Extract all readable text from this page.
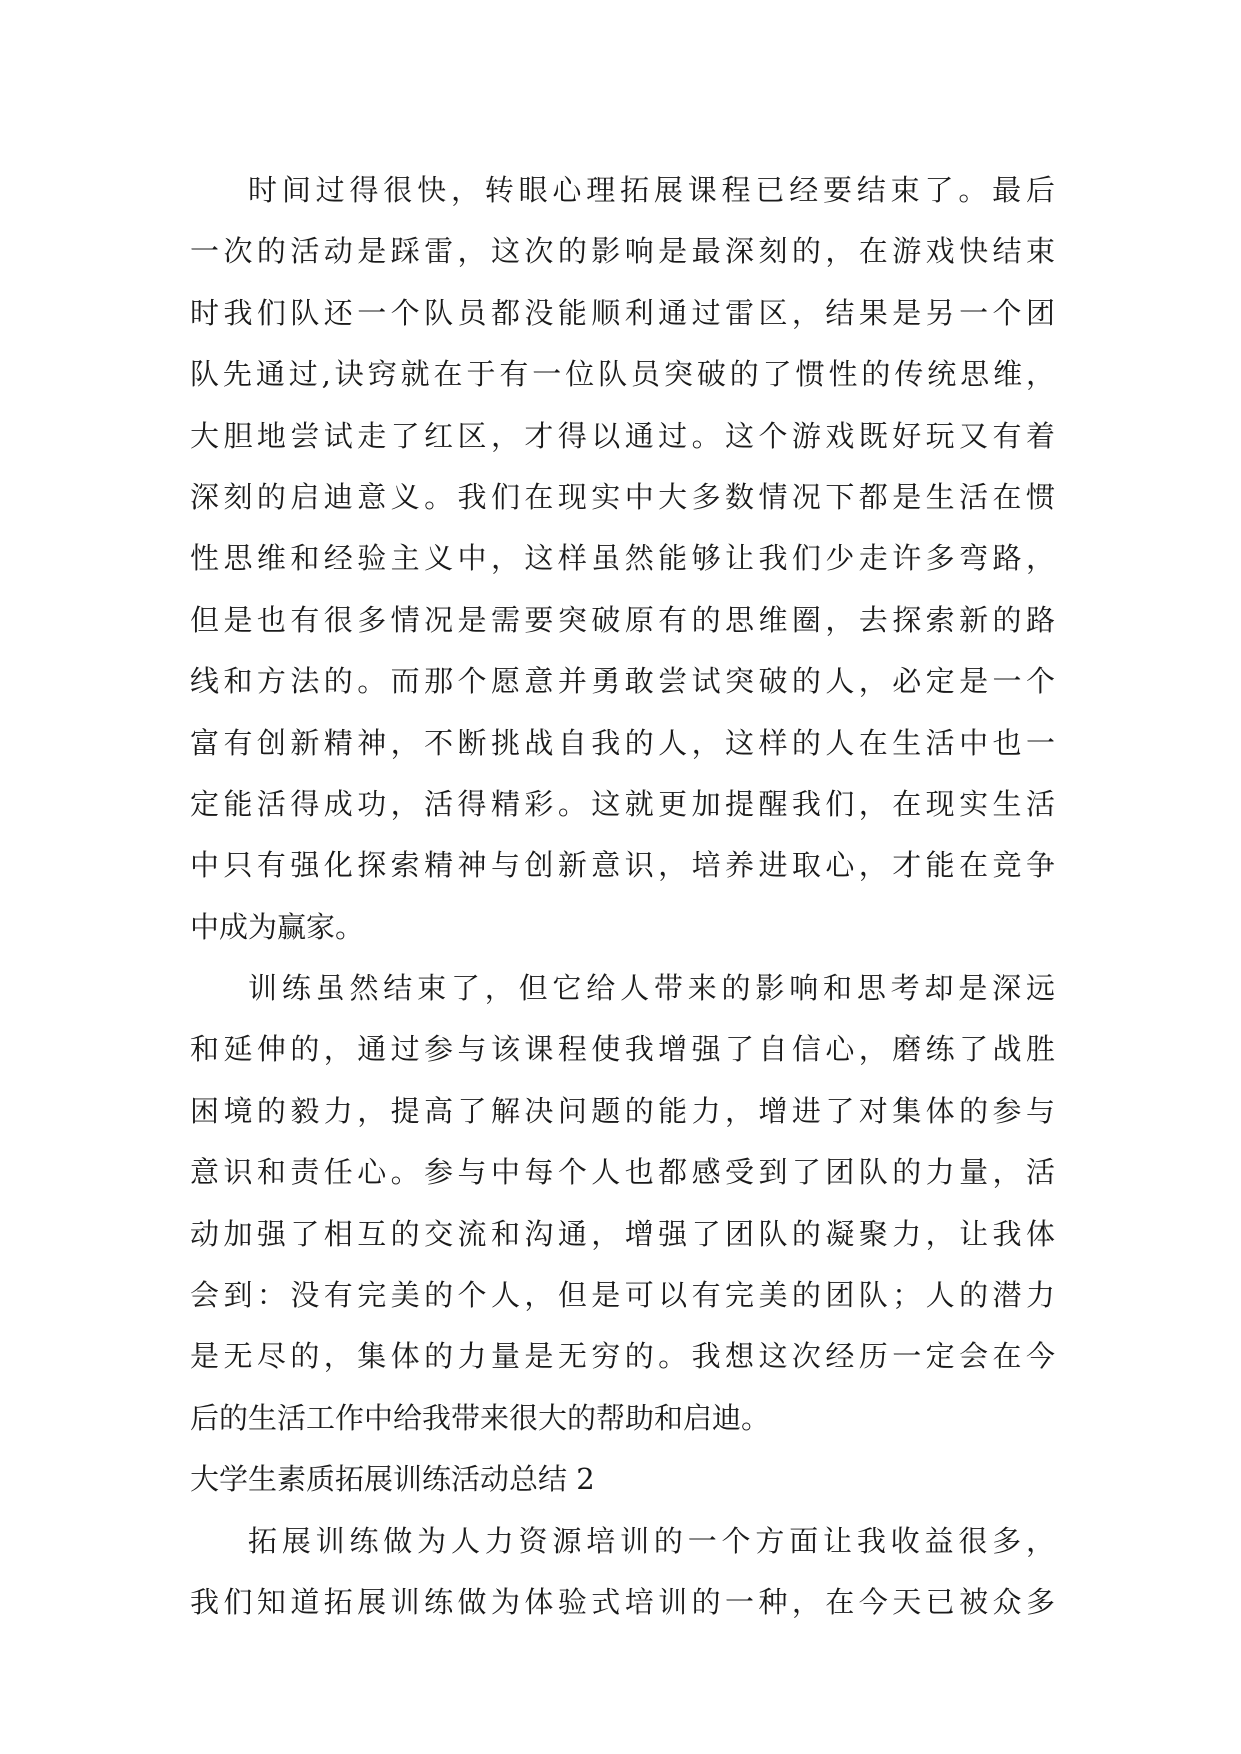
时间过得很快，转眼心理拓展课程已经要结束了。最后
一次的活动是踩雷，这次的影响是最深刻的，在游戏快结束
时我们队还一个队员都没能顺利通过雷区，结果是另一个团
队先通过,诀窍就在于有一位队员突破的了惯性的传统思维，
大胆地尝试走了红区，才得以通过。这个游戏既好玩又有着
深刻的启迪意义。我们在现实中大多数情况下都是生活在惯
性思维和经验主义中，这样虽然能够让我们少走许多弯路，
但是也有很多情况是需要突破原有的思维圈，去探索新的路
线和方法的。而那个愿意并勇敢尝试突破的人，必定是一个
富有创新精神，不断挑战自我的人，这样的人在生活中也一
定能活得成功，活得精彩。这就更加提醒我们，在现实生活
中只有强化探索精神与创新意识，培养进取心，才能在竞争
中成为赢家。
训练虽然结束了，但它给人带来的影响和思考却是深远
和延伸的，通过参与该课程使我增强了自信心，磨练了战胜
困境的毅力，提高了解决问题的能力，增进了对集体的参与
意识和责任心。参与中每个人也都感受到了团队的力量，活
动加强了相互的交流和沟通，增强了团队的凝聚力，让我体
会到：没有完美的个人，但是可以有完美的团队；人的潜力
是无尽的，集体的力量是无穷的。我想这次经历一定会在今
后的生活工作中给我带来很大的帮助和启迪。
大学生素质拓展训练活动总结 2
拓展训练做为人力资源培训的一个方面让我收益很多，
我们知道拓展训练做为体验式培训的一种，在今天已被众多
